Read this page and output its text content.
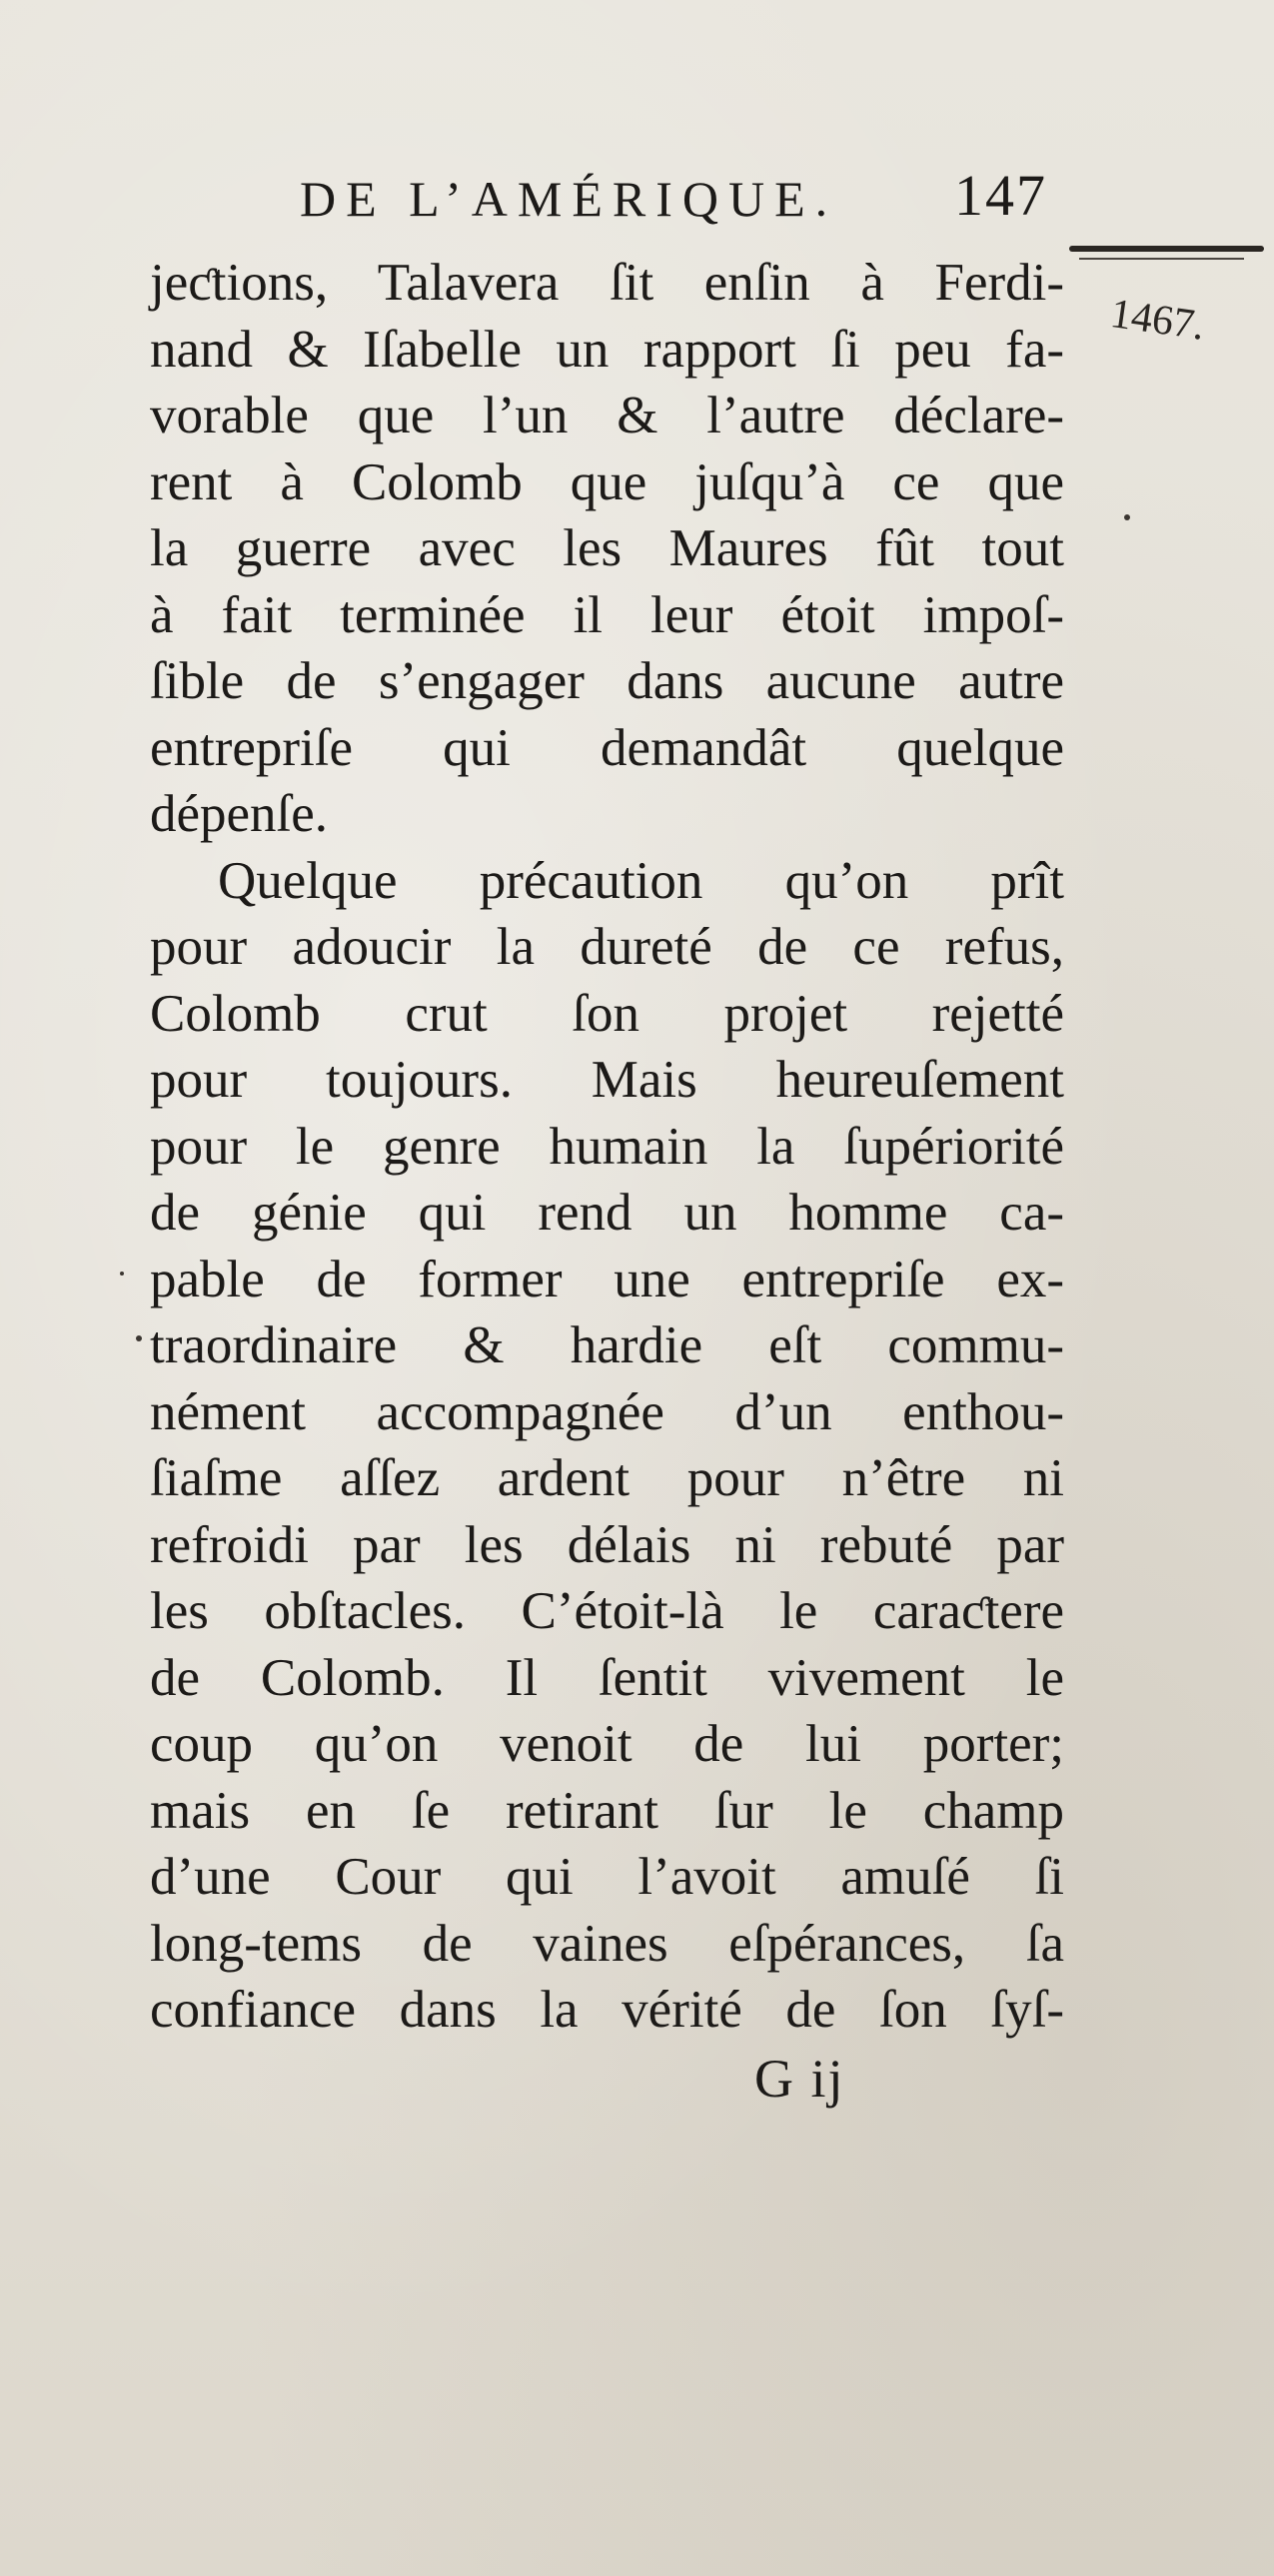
DE L’AMÉRIQUE.	147
1467.
jeƈtions, Talavera ſit enſin à Ferdi-
nand & Iſabelle un rapport ſi peu fa-
vorable que l’un & l’autre déclare-
rent à Colomb que juſqu’à ce que
la guerre avec les Maures fût tout
à fait terminée il leur étoit impoſ-
ſible de s’engager dans aucune autre
entrepriſe qui demandât quelque
dépenſe.
Quelque précaution qu’on prît
pour adoucir la dureté de ce refus,
Colomb crut ſon projet rejetté
pour toujours. Mais heureuſement
pour le genre humain la ſupériorité
de génie qui rend un homme ca-
pable de former une entrepriſe ex-
traordinaire & hardie eſt commu-
nément accompagnée d’un enthou-
ſiaſme aſſez ardent pour n’être ni
refroidi par les délais ni rebuté par
les obſtacles. C’étoit-là le caraƈtere
de Colomb. Il ſentit vivement le
coup qu’on venoit de lui porter;
mais en ſe retirant ſur le champ
d’une Cour qui l’avoit amuſé ſi
long-tems de vaines eſpérances, ſa
confiance dans la vérité de ſon ſyſ-
G ij
